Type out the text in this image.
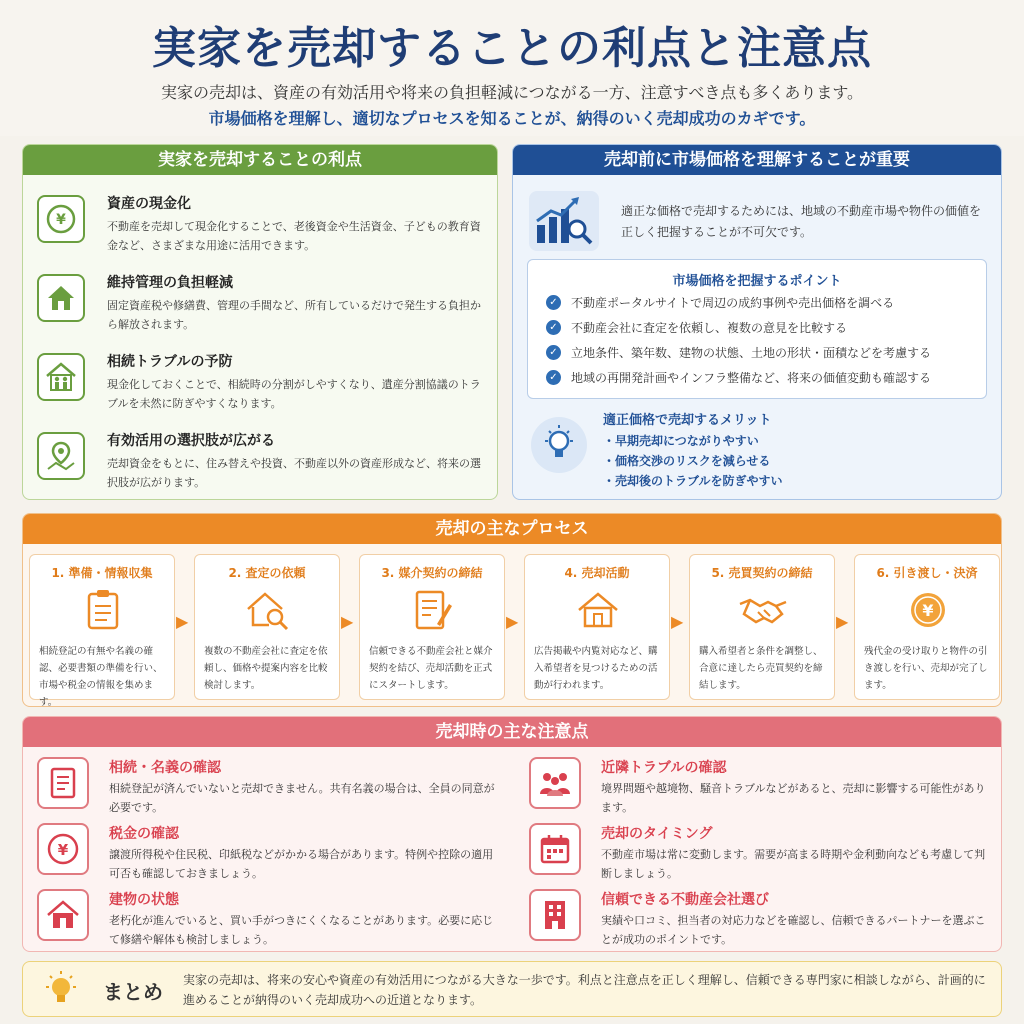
実家を売却することの利点と注意点
実家の売却は、資産の有効活用や将来の負担軽減につながる一方、注意すべき点も多くあります。
市場価格を理解し、適切なプロセスを知ることが、納得のいく売却成功のカギです。
実家を売却することの利点
¥
資産の現金化
不動産を売却して現金化することで、老後資金や生活資金、子どもの教育資金など、さまざまな用途に活用できます。
維持管理の負担軽減
固定資産税や修繕費、管理の手間など、所有しているだけで発生する負担から解放されます。
相続トラブルの予防
現金化しておくことで、相続時の分割がしやすくなり、遺産分割協議のトラブルを未然に防ぎやすくなります。
有効活用の選択肢が広がる
売却資金をもとに、住み替えや投資、不動産以外の資産形成など、将来の選択肢が広がります。
売却前に市場価格を理解することが重要
適正な価格で売却するためには、地域の不動産市場や物件の価値を正しく把握することが不可欠です。
市場価格を把握するポイント
✓ 不動産ポータルサイトで周辺の成約事例や売出価格を調べる
✓ 不動産会社に査定を依頼し、複数の意見を比較する
✓ 立地条件、築年数、建物の状態、土地の形状・面積などを考慮する
✓ 地域の再開発計画やインフラ整備など、将来の価値変動も確認する
適正価格で売却するメリット
・早期売却につながりやすい
・価格交渉のリスクを減らせる
・売却後のトラブルを防ぎやすい
売却の主なプロセス
1. 準備・情報収集
相続登記の有無や名義の確認、必要書類の準備を行い、市場や税金の情報を集めます。
▶
2. 査定の依頼
複数の不動産会社に査定を依頼し、価格や提案内容を比較検討します。
▶
3. 媒介契約の締結
信頼できる不動産会社と媒介契約を結び、売却活動を正式にスタートします。
▶
4. 売却活動
広告掲載や内覧対応など、購入希望者を見つけるための活動が行われます。
▶
5. 売買契約の締結
購入希望者と条件を調整し、合意に達したら売買契約を締結します。
▶
6. 引き渡し・決済
¥
残代金の受け取りと物件の引き渡しを行い、売却が完了します。
売却時の主な注意点
相続・名義の確認
相続登記が済んでいないと売却できません。共有名義の場合は、全員の同意が必要です。
近隣トラブルの確認
境界問題や越境物、騒音トラブルなどがあると、売却に影響する可能性があります。
¥
税金の確認
譲渡所得税や住民税、印紙税などがかかる場合があります。特例や控除の適用可否も確認しておきましょう。
売却のタイミング
不動産市場は常に変動します。需要が高まる時期や金利動向なども考慮して判断しましょう。
建物の状態
老朽化が進んでいると、買い手がつきにくくなることがあります。必要に応じて修繕や解体も検討しましょう。
信頼できる不動産会社選び
実績や口コミ、担当者の対応力などを確認し、信頼できるパートナーを選ぶことが成功のポイントです。
まとめ 実家の売却は、将来の安心や資産の有効活用につながる大きな一歩です。利点と注意点を正しく理解し、信頼できる専門家に相談しながら、計画的に進めることが納得のいく売却成功への近道となります。
